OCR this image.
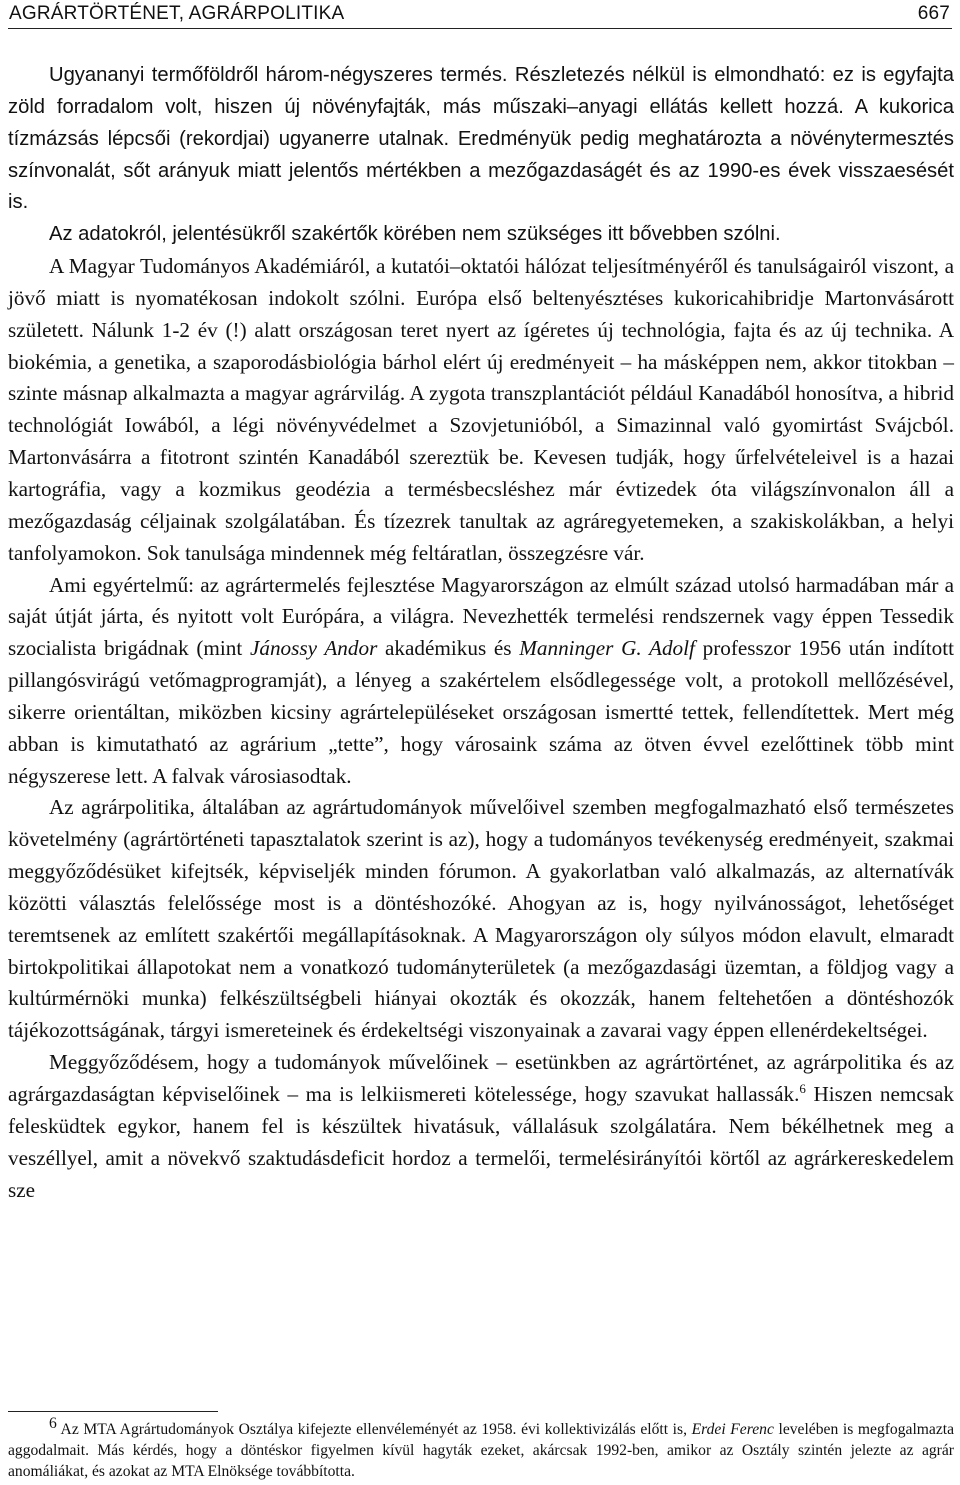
AGRÁRTÖRTÉNET, AGRÁRPOLITIKA	667

Ugyananyi termőföldről három-négyszeres termés. Részletezés nélkül is elmondható: ez is egyfajta zöld forradalom volt, hiszen új növényfajták, más műszaki–anyagi ellátás kellett hozzá. A kukorica tízmázsás lépcsői (rekordjai) ugyanerre utalnak. Eredményük pedig meghatározta a növénytermesztés színvonalát, sőt arányuk miatt jelentős mértékben a mezőgazdaságét és az 1990-es évek visszaesését is.

Az adatokról, jelentésükről szakértők körében nem szükséges itt bővebben szólni.

A Magyar Tudományos Akadémiáról, a kutatói–oktatói hálózat teljesítményéről és tanulságairól viszont, a jövő miatt is nyomatékosan indokolt szólni. Európa első beltenyésztéses kukoricahibridje Martonvásárott született. Nálunk 1-2 év (!) alatt országosan teret nyert az ígéretes új technológia, fajta és az új technika. A biokémia, a genetika, a szaporodásbiológia bárhol elért új eredményeit – ha másképpen nem, akkor titokban – szinte másnap alkalmazta a magyar agrárvilág. A zygota transzplantációt például Kanadából honosítva, a hibrid technológiát Iowából, a légi növényvédelmet a Szovjetunióból, a Simazinnal való gyomirtást Svájcból. Martonvásárra a fitotront szintén Kanadából szereztük be. Kevesen tudják, hogy űrfelvételeivel is a hazai kartográfia, vagy a kozmikus geodézia a termésbecsléshez már évtizedek óta világszínvonalon áll a mezőgazdaság céljainak szolgálatában. És tízezrek tanultak az agráregyetemeken, a szakiskolákban, a helyi tanfolyamokon. Sok tanulsága mindennek még feltáratlan, összegzésre vár.

Ami egyértelmű: az agrártermelés fejlesztése Magyarországon az elmúlt század utolsó harmadában már a saját útját járta, és nyitott volt Európára, a világra. Nevezhették termelési rendszernek vagy éppen Tessedik szocialista brigádnak (mint Jánossy Andor akadémikus és Manninger G. Adolf professzor 1956 után indított pillangósvirágú vetőmagprogramját), a lényeg a szakértelem elsődlegessége volt, a protokoll mellőzésével, sikerre orientáltan, miközben kicsiny agrártelepüléseket országosan ismertté tettek, fellendítettek. Mert még abban is kimutatható az agrárium „tette”, hogy városaink száma az ötven évvel ezelőttinek több mint négyszerese lett. A falvak városiasodtak.

Az agrárpolitika, általában az agrártudományok művelőivel szemben megfogalmazható első természetes követelmény (agrártörténeti tapasztalatok szerint is az), hogy a tudományos tevékenység eredményeit, szakmai meggyőződésüket kifejtsék, képviseljék minden fórumon. A gyakorlatban való alkalmazás, az alternatívák közötti választás felelőssége most is a döntéshozóké. Ahogyan az is, hogy nyilvánosságot, lehetőséget teremtsenek az említett szakértői megállapításoknak. A Magyarországon oly súlyos módon elavult, elmaradt birtokpolitikai állapotokat nem a vonatkozó tudományterületek (a mezőgazdasági üzemtan, a földjog vagy a kultúrmérnöki munka) felkészültségbeli hiányai okozták és okozzák, hanem feltehetően a döntéshozók tájékozottságának, tárgyi ismereteinek és érdekeltségi viszonyainak a zavarai vagy éppen ellenérdekeltségei.

Meggyőződésem, hogy a tudományok művelőinek – esetünkben az agrártörténet, az agrárpolitika és az agrárgazdaságtan képviselőinek – ma is lelkiismereti kötelessége, hogy szavukat hallassák.$^6$ Hiszen nemcsak felesküdtek egykor, hanem fel is készültek hivatásuk, vállalásuk szolgálatára. Nem békélhetnek meg a veszéllyel, amit a növekvő szaktudásdeficit hordoz a termelői, termelésirányítói körtől az agrárkereskedelem sze

$^6$ Az MTA Agrártudományok Osztálya kifejezte ellenvéleményét az 1958. évi kollektivizálás előtt is, Erdei Ferenc levelében is megfogalmazta aggodalmait. Más kérdés, hogy a döntéskor figyelmen kívül hagyták ezeket, akárcsak 1992-ben, amikor az Osztály szintén jelezte az agrár anomáliákat, és azokat az MTA Elnöksége továbbította.
